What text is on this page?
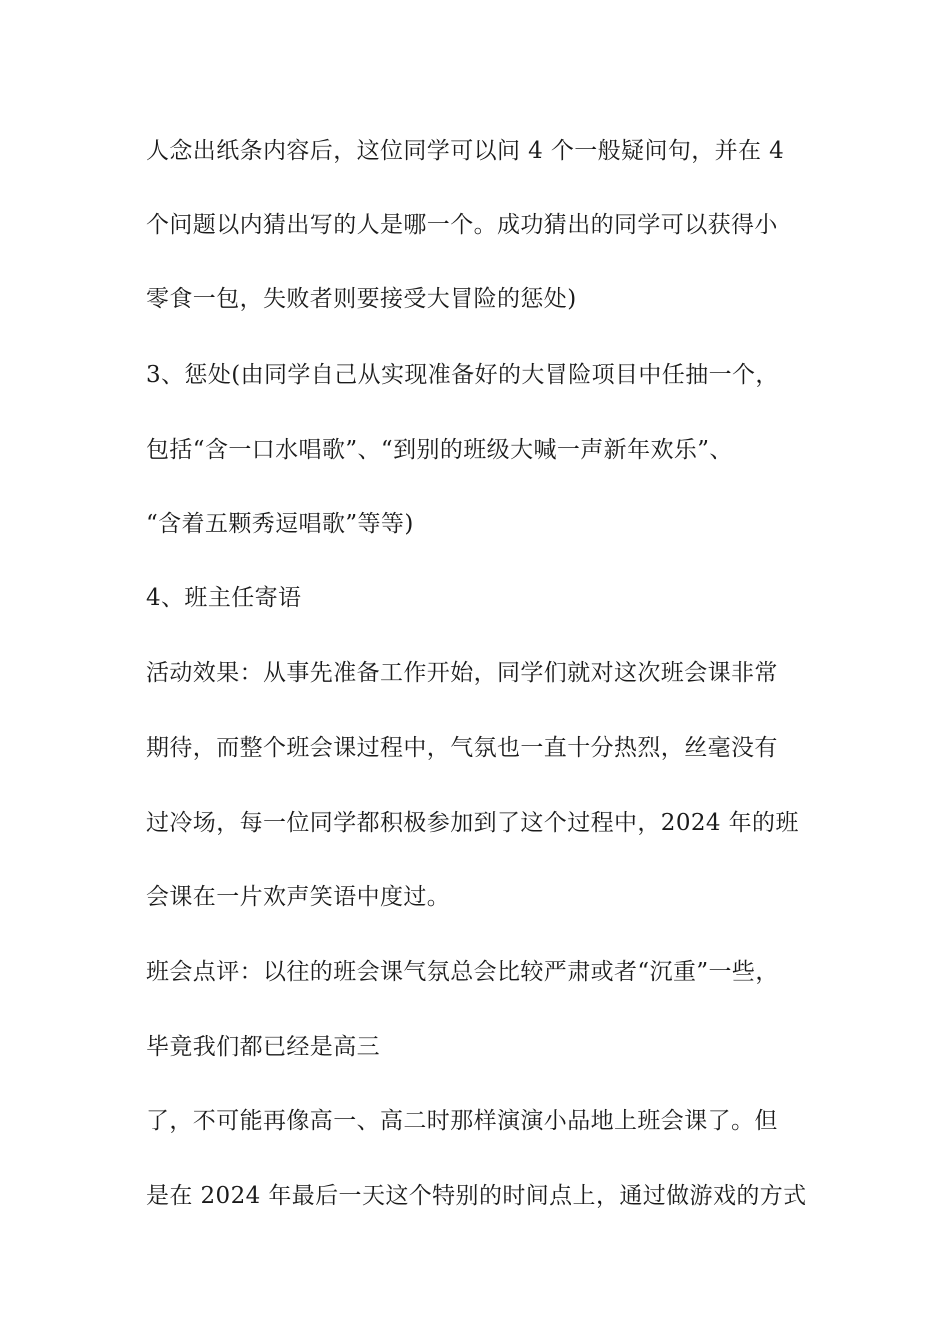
人念出纸条内容后，这位同学可以问 4 个一般疑问句，并在 4
个问题以内猜出写的人是哪一个。成功猜出的同学可以获得小
零食一包，失败者则要接受大冒险的惩处)
3、惩处(由同学自己从实现准备好的大冒险项目中任抽一个，
包括“含一口水唱歌”、“到别的班级大喊一声新年欢乐”、
“含着五颗秀逗唱歌”等等)
4、班主任寄语
活动效果：从事先准备工作开始，同学们就对这次班会课非常
期待，而整个班会课过程中，气氛也一直十分热烈，丝毫没有
过冷场，每一位同学都积极参加到了这个过程中，2024 年的班
会课在一片欢声笑语中度过。
班会点评：以往的班会课气氛总会比较严肃或者“沉重”一些，
毕竟我们都已经是高三
了，不可能再像高一、高二时那样演演小品地上班会课了。但
是在 2024 年最后一天这个特别的时间点上，通过做游戏的方式
